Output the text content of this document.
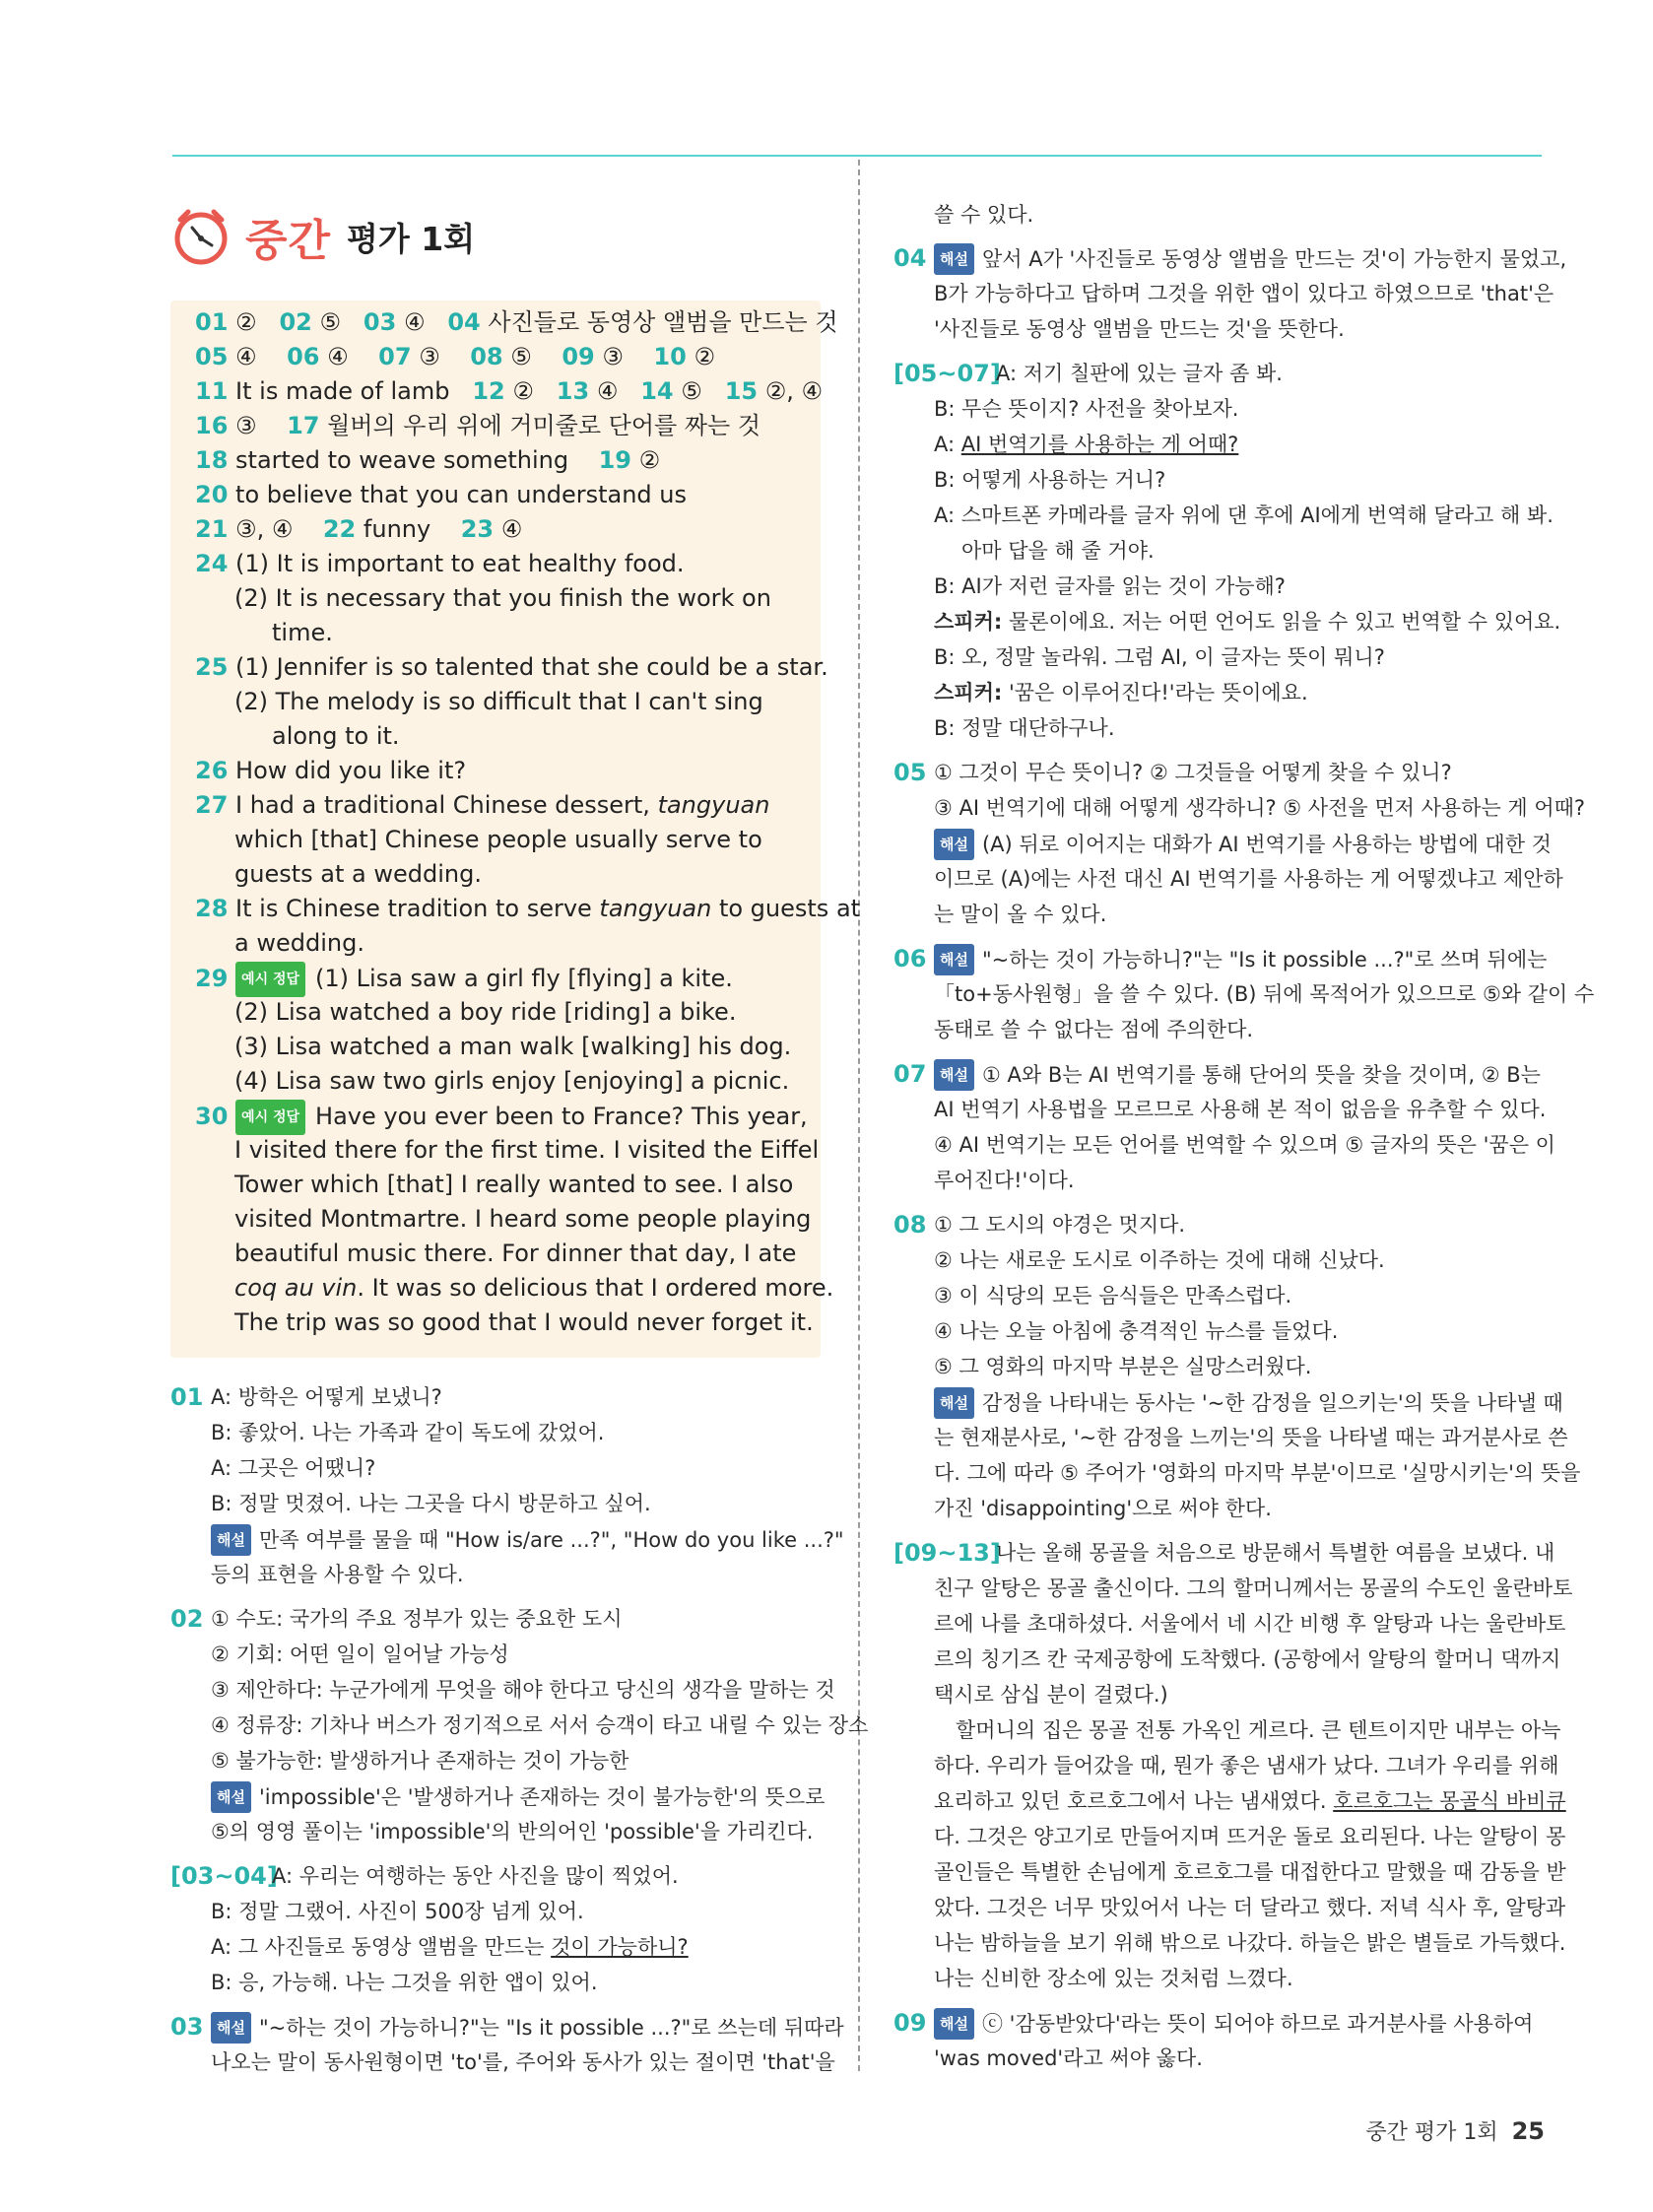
중간 평가 1회
01 ② 02 ⑤ 03 ④ 04 사진들로 동영상 앨범을 만드는 것
05 ④ 06 ④ 07 ③ 08 ⑤ 09 ③ 10 ②
11 It is made of lamb 12 ② 13 ④ 14 ⑤ 15 ②, ④
16 ③ 17 월버의 우리 위에 거미줄로 단어를 짜는 것
18 started to weave something 19 ②
20 to believe that you can understand us
21 ③, ④ 22 funny 23 ④
24 (1) It is important to eat healthy food.
(2) It is necessary that you finish the work on
time.
25 (1) Jennifer is so talented that she could be a star.
(2) The melody is so difficult that I can't sing
along to it.
26 How did you like it?
27 I had a traditional Chinese dessert, tangyuan
which [that] Chinese people usually serve to
guests at a wedding.
28 It is Chinese tradition to serve tangyuan to guests at
a wedding.
29 예시 정답 (1) Lisa saw a girl fly [flying] a kite.
(2) Lisa watched a boy ride [riding] a bike.
(3) Lisa watched a man walk [walking] his dog.
(4) Lisa saw two girls enjoy [enjoying] a picnic.
30 예시 정답 Have you ever been to France? This year,
I visited there for the first time. I visited the Eiffel
Tower which [that] I really wanted to see. I also
visited Montmartre. I heard some people playing
beautiful music there. For dinner that day, I ate
coq au vin. It was so delicious that I ordered more.
The trip was so good that I would never forget it.
01 A: 방학은 어떻게 보냈니?
B: 좋았어. 나는 가족과 같이 독도에 갔었어.
A: 그곳은 어땠니?
B: 정말 멋졌어. 나는 그곳을 다시 방문하고 싶어.
해설 만족 여부를 물을 때 "How is/are ...?", "How do you like ...?"
등의 표현을 사용할 수 있다.
02 ① 수도: 국가의 주요 정부가 있는 중요한 도시
② 기회: 어떤 일이 일어날 가능성
③ 제안하다: 누군가에게 무엇을 해야 한다고 당신의 생각을 말하는 것
④ 정류장: 기차나 버스가 정기적으로 서서 승객이 타고 내릴 수 있는 장소
⑤ 불가능한: 발생하거나 존재하는 것이 가능한
해설 'impossible'은 '발생하거나 존재하는 것이 불가능한'의 뜻으로
⑤의 영영 풀이는 'impossible'의 반의어인 'possible'을 가리킨다.
[03~04]
A: 우리는 여행하는 동안 사진을 많이 찍었어.
B: 정말 그랬어. 사진이 500장 넘게 있어.
A: 그 사진들로 동영상 앨범을 만드는 것이 가능하니?
B: 응, 가능해. 나는 그것을 위한 앱이 있어.
03 해설 "~하는 것이 가능하니?"는 "Is it possible ...?"로 쓰는데 뒤따라
나오는 말이 동사원형이면 'to'를, 주어와 동사가 있는 절이면 'that'을
쓸 수 있다.
04 해설 앞서 A가 '사진들로 동영상 앨범을 만드는 것'이 가능한지 물었고,
B가 가능하다고 답하며 그것을 위한 앱이 있다고 하였으므로 'that'은
'사진들로 동영상 앨범을 만드는 것'을 뜻한다.
[05~07]
A: 저기 칠판에 있는 글자 좀 봐.
B: 무슨 뜻이지? 사전을 찾아보자.
A: AI 번역기를 사용하는 게 어때?
B: 어떻게 사용하는 거니?
A: 스마트폰 카메라를 글자 위에 댄 후에 AI에게 번역해 달라고 해 봐.
아마 답을 해 줄 거야.
B: AI가 저런 글자를 읽는 것이 가능해?
스피커: 물론이에요. 저는 어떤 언어도 읽을 수 있고 번역할 수 있어요.
B: 오, 정말 놀라워. 그럼 AI, 이 글자는 뜻이 뭐니?
스피커: '꿈은 이루어진다!'라는 뜻이에요.
B: 정말 대단하구나.
05 ① 그것이 무슨 뜻이니? ② 그것들을 어떻게 찾을 수 있니?
③ AI 번역기에 대해 어떻게 생각하니? ⑤ 사전을 먼저 사용하는 게 어때?
해설 (A) 뒤로 이어지는 대화가 AI 번역기를 사용하는 방법에 대한 것
이므로 (A)에는 사전 대신 AI 번역기를 사용하는 게 어떻겠냐고 제안하
는 말이 올 수 있다.
06 해설 "~하는 것이 가능하니?"는 "Is it possible ...?"로 쓰며 뒤에는
「to+동사원형」을 쓸 수 있다. (B) 뒤에 목적어가 있으므로 ⑤와 같이 수
동태로 쓸 수 없다는 점에 주의한다.
07 해설 ① A와 B는 AI 번역기를 통해 단어의 뜻을 찾을 것이며, ② B는
AI 번역기 사용법을 모르므로 사용해 본 적이 없음을 유추할 수 있다.
④ AI 번역기는 모든 언어를 번역할 수 있으며 ⑤ 글자의 뜻은 '꿈은 이
루어진다!'이다.
08 ① 그 도시의 야경은 멋지다.
② 나는 새로운 도시로 이주하는 것에 대해 신났다.
③ 이 식당의 모든 음식들은 만족스럽다.
④ 나는 오늘 아침에 충격적인 뉴스를 들었다.
⑤ 그 영화의 마지막 부분은 실망스러웠다.
해설 감정을 나타내는 동사는 '~한 감정을 일으키는'의 뜻을 나타낼 때
는 현재분사로, '~한 감정을 느끼는'의 뜻을 나타낼 때는 과거분사로 쓴
다. 그에 따라 ⑤ 주어가 '영화의 마지막 부분'이므로 '실망시키는'의 뜻을
가진 'disappointing'으로 써야 한다.
[09~13]
나는 올해 몽골을 처음으로 방문해서 특별한 여름을 보냈다. 내
친구 알탕은 몽골 출신이다. 그의 할머니께서는 몽골의 수도인 울란바토
르에 나를 초대하셨다. 서울에서 네 시간 비행 후 알탕과 나는 울란바토
르의 칭기즈 칸 국제공항에 도착했다. (공항에서 알탕의 할머니 댁까지
택시로 삼십 분이 걸렸다.)
할머니의 집은 몽골 전통 가옥인 게르다. 큰 텐트이지만 내부는 아늑
하다. 우리가 들어갔을 때, 뭔가 좋은 냄새가 났다. 그녀가 우리를 위해
요리하고 있던 호르호그에서 나는 냄새였다. 호르호그는 몽골식 바비큐
다. 그것은 양고기로 만들어지며 뜨거운 돌로 요리된다. 나는 알탕이 몽
골인들은 특별한 손님에게 호르호그를 대접한다고 말했을 때 감동을 받
았다. 그것은 너무 맛있어서 나는 더 달라고 했다. 저녁 식사 후, 알탕과
나는 밤하늘을 보기 위해 밖으로 나갔다. 하늘은 밝은 별들로 가득했다.
나는 신비한 장소에 있는 것처럼 느꼈다.
09 해설 ⓒ '감동받았다'라는 뜻이 되어야 하므로 과거분사를 사용하여
'was moved'라고 써야 옳다.
중간 평가 1회 25
